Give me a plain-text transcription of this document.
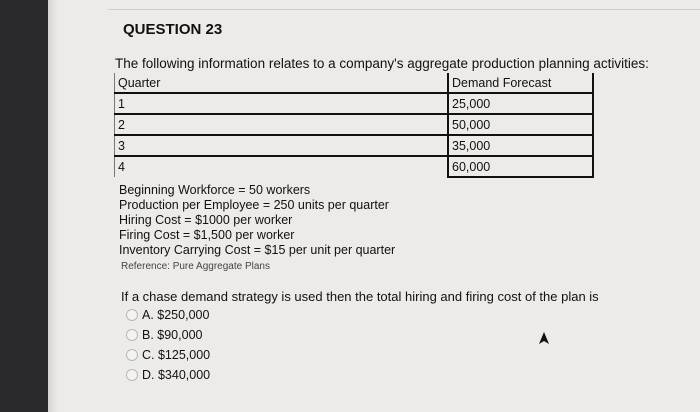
QUESTION 23
The following information relates to a company's aggregate production planning activities:
Quarter	Demand Forecast
1	25,000
2	50,000
3	35,000
4	60,000
Beginning Workforce = 50 workers
Production per Employee = 250 units per quarter
Hiring Cost = $1000 per worker
Firing Cost = $1,500 per worker
Inventory Carrying Cost = $15 per unit per quarter
Reference: Pure Aggregate Plans
If a chase demand strategy is used then the total hiring and firing cost of the plan is
A. $250,000
B. $90,000
C. $125,000
D. $340,000
